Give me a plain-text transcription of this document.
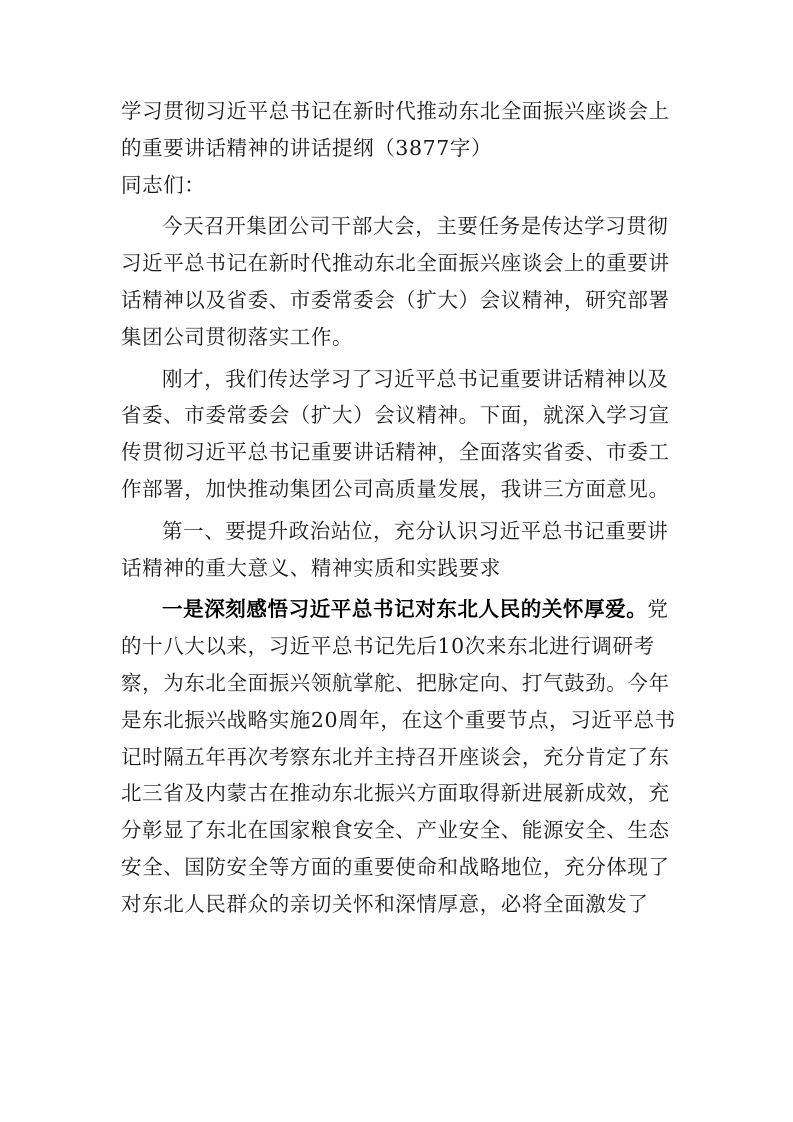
学习贯彻习近平总书记在新时代推动东北全面振兴座谈会上的重要讲话精神的讲话提纲（3877字）

同志们：

今天召开集团公司干部大会，主要任务是传达学习贯彻习近平总书记在新时代推动东北全面振兴座谈会上的重要讲话精神以及省委、市委常委会（扩大）会议精神，研究部署集团公司贯彻落实工作。

刚才，我们传达学习了习近平总书记重要讲话精神以及省委、市委常委会（扩大）会议精神。下面，就深入学习宣传贯彻习近平总书记重要讲话精神，全面落实省委、市委工作部署，加快推动集团公司高质量发展，我讲三方面意见。

第一、要提升政治站位，充分认识习近平总书记重要讲话精神的重大意义、精神实质和实践要求

一是深刻感悟习近平总书记对东北人民的关怀厚爱。党的十八大以来，习近平总书记先后10次来东北进行调研考察，为东北全面振兴领航掌舵、把脉定向、打气鼓劲。今年是东北振兴战略实施20周年，在这个重要节点，习近平总书记时隔五年再次考察东北并主持召开座谈会，充分肯定了东北三省及内蒙古在推动东北振兴方面取得新进展新成效，充分彰显了东北在国家粮食安全、产业安全、能源安全、生态安全、国防安全等方面的重要使命和战略地位，充分体现了对东北人民群众的亲切关怀和深情厚意，必将全面激发了
